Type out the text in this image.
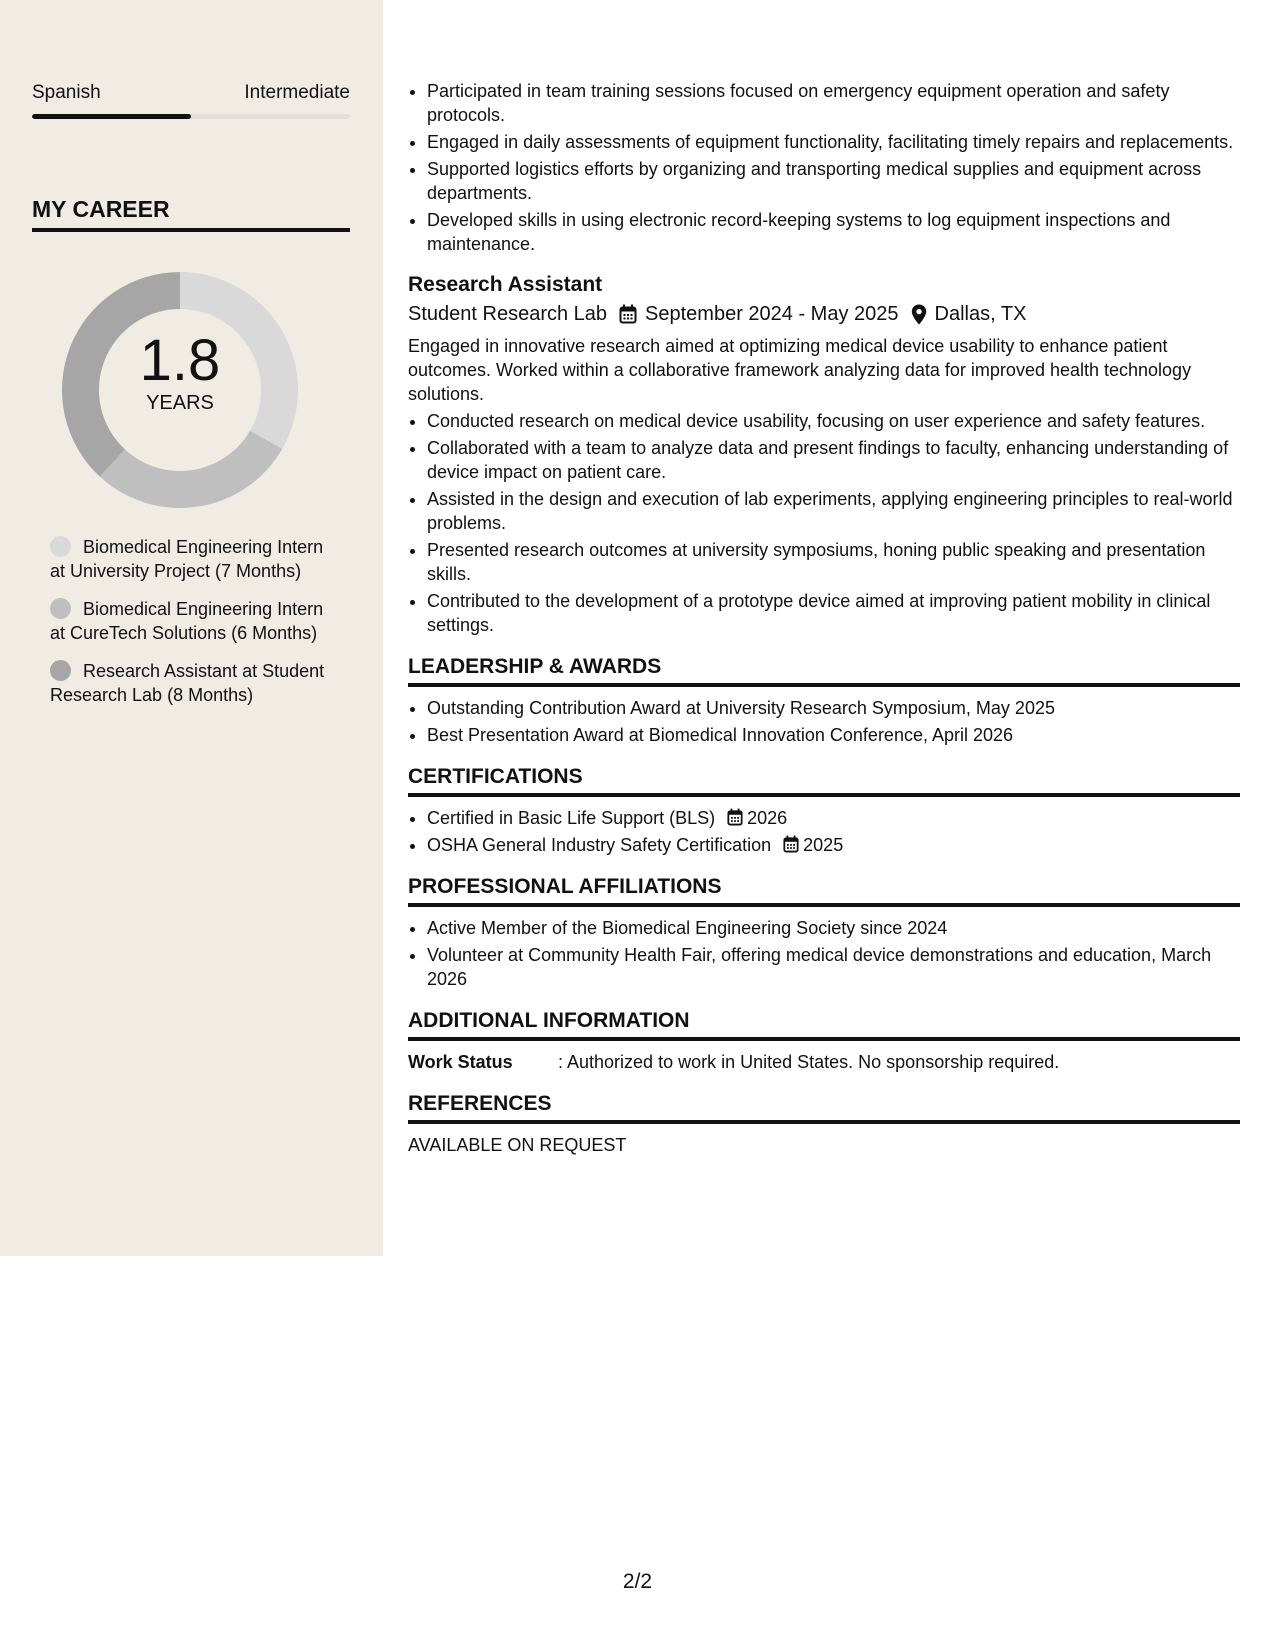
Spanish	Intermediate
MY CAREER
1.8
YEARS
Biomedical Engineering Intern at University Project (7 Months)
Biomedical Engineering Intern at CureTech Solutions (6 Months)
Research Assistant at Student Research Lab (8 Months)
• Participated in team training sessions focused on emergency equipment operation and safety protocols.
• Engaged in daily assessments of equipment functionality, facilitating timely repairs and replacements.
• Supported logistics efforts by organizing and transporting medical supplies and equipment across departments.
• Developed skills in using electronic record-keeping systems to log equipment inspections and maintenance.
Research Assistant
Student Research Lab September 2024 - May 2025 Dallas, TX
Engaged in innovative research aimed at optimizing medical device usability to enhance patient outcomes. Worked within a collaborative framework analyzing data for improved health technology solutions.
• Conducted research on medical device usability, focusing on user experience and safety features.
• Collaborated with a team to analyze data and present findings to faculty, enhancing understanding of device impact on patient care.
• Assisted in the design and execution of lab experiments, applying engineering principles to real-world problems.
• Presented research outcomes at university symposiums, honing public speaking and presentation skills.
• Contributed to the development of a prototype device aimed at improving patient mobility in clinical settings.
LEADERSHIP & AWARDS
• Outstanding Contribution Award at University Research Symposium, May 2025
• Best Presentation Award at Biomedical Innovation Conference, April 2026
CERTIFICATIONS
• Certified in Basic Life Support (BLS) 2026
• OSHA General Industry Safety Certification 2025
PROFESSIONAL AFFILIATIONS
• Active Member of the Biomedical Engineering Society since 2024
• Volunteer at Community Health Fair, offering medical device demonstrations and education, March 2026
ADDITIONAL INFORMATION
Work Status	: Authorized to work in United States. No sponsorship required.
REFERENCES
AVAILABLE ON REQUEST
2/2
